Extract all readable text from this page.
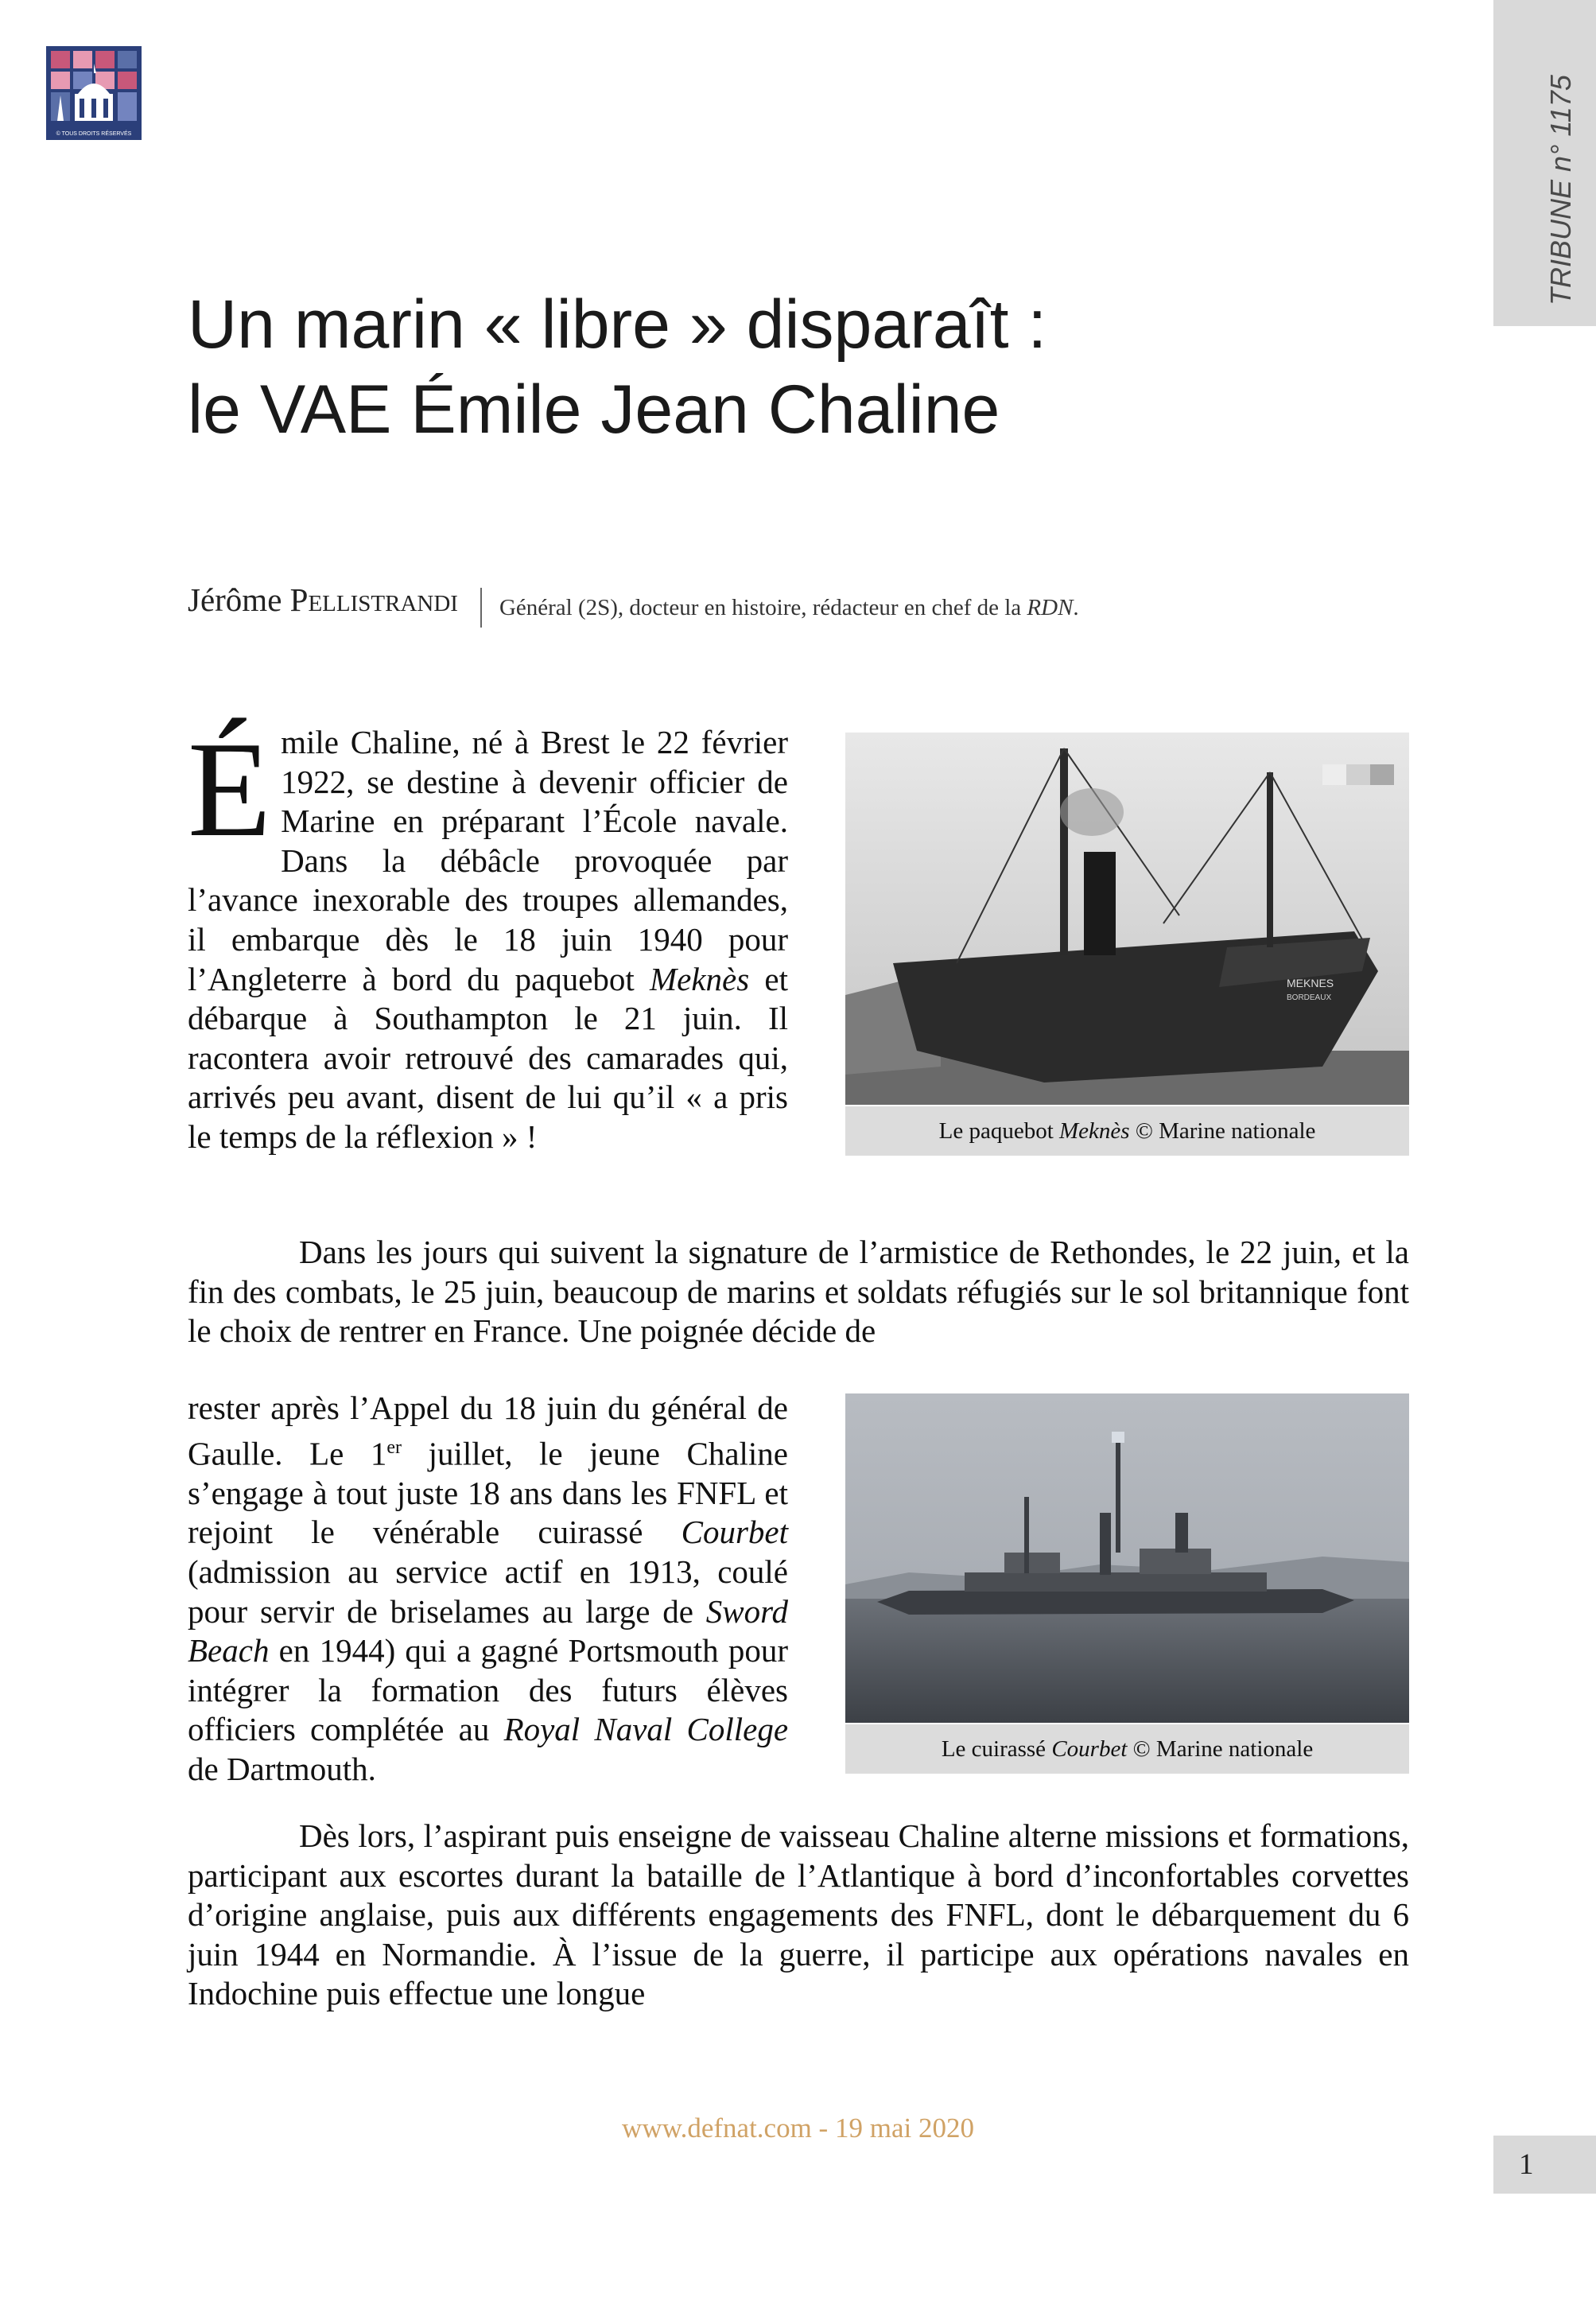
© TOUS DROITS RÉSERVÉS	TRIBUNE n° 1175
Un marin « libre » disparaît :
le VAE Émile Jean Chaline
Jérôme Pellistrandi Général (2S), docteur en histoire, rédacteur en chef de la RDN.
Émile Chaline, né à Brest le 22 février 1922, se destine à devenir officier de Marine en préparant l’École navale. Dans la débâcle provoquée par l’avance inexorable des troupes allemandes, il embarque dès le 18 juin 1940 pour l’Angleterre à bord du paquebot Meknès et débarque à Southampton le 21 juin. Il racontera avoir retrouvé des camarades qui, arrivés peu avant, disent de lui qu’il « a pris le temps de la réflexion » !
MEKNES
BORDEAUX
Le paquebot Meknès © Marine nationale
Dans les jours qui suivent la signature de l’armistice de Rethondes, le 22 juin, et la fin des combats, le 25 juin, beaucoup de marins et soldats réfugiés sur le sol britannique font le choix de rentrer en France. Une poignée décide de
rester après l’Appel du 18 juin du général de Gaulle. Le 1er juillet, le jeune Chaline s’engage à tout juste 18 ans dans les FNFL et rejoint le vénérable cuirassé Courbet (admission au service actif en 1913, coulé pour servir de briselames au large de Sword Beach en 1944) qui a gagné Portsmouth pour intégrer la formation des futurs élèves officiers complétée au Royal Naval College de Dartmouth.
Le cuirassé Courbet © Marine nationale
Dès lors, l’aspirant puis enseigne de vaisseau Chaline alterne missions et formations, participant aux escortes durant la bataille de l’Atlantique à bord d’inconfortables corvettes d’origine anglaise, puis aux différents engagements des FNFL, dont le débarquement du 6 juin 1944 en Normandie. À l’issue de la guerre, il participe aux opérations navales en Indochine puis effectue une longue
www.defnat.com - 19 mai 2020
1
